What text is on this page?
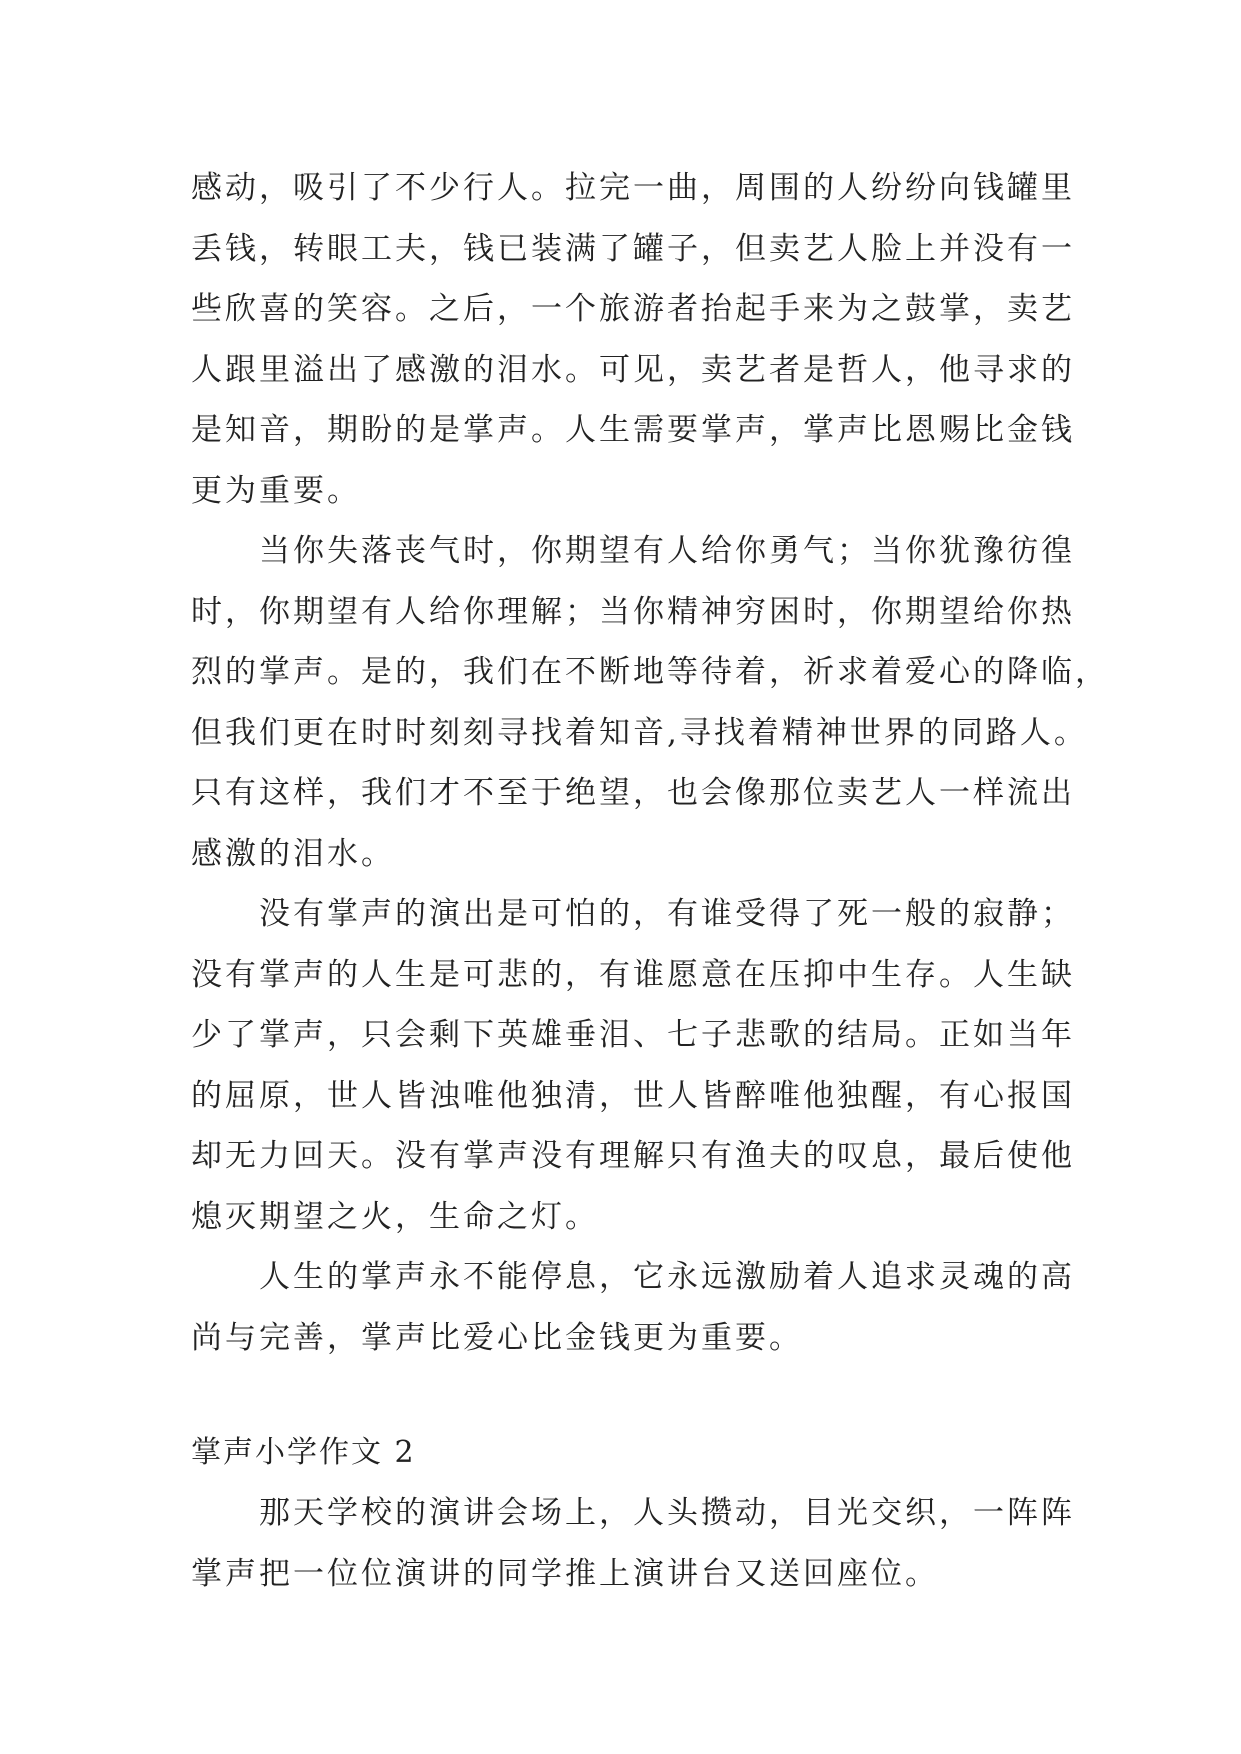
感动，吸引了不少行人。拉完一曲，周围的人纷纷向钱罐里
丢钱，转眼工夫，钱已装满了罐子，但卖艺人脸上并没有一
些欣喜的笑容。之后，一个旅游者抬起手来为之鼓掌，卖艺
人跟里溢出了感激的泪水。可见，卖艺者是哲人，他寻求的
是知音，期盼的是掌声。人生需要掌声，掌声比恩赐比金钱
更为重要。
当你失落丧气时，你期望有人给你勇气；当你犹豫彷徨
时，你期望有人给你理解；当你精神穷困时，你期望给你热
烈的掌声。是的，我们在不断地等待着，祈求着爱心的降临，
但我们更在时时刻刻寻找着知音,寻找着精神世界的同路人。
只有这样，我们才不至于绝望，也会像那位卖艺人一样流出
感激的泪水。
没有掌声的演出是可怕的，有谁受得了死一般的寂静；
没有掌声的人生是可悲的，有谁愿意在压抑中生存。人生缺
少了掌声，只会剩下英雄垂泪、七子悲歌的结局。正如当年
的屈原，世人皆浊唯他独清，世人皆醉唯他独醒，有心报国
却无力回天。没有掌声没有理解只有渔夫的叹息，最后使他
熄灭期望之火，生命之灯。
人生的掌声永不能停息，它永远激励着人追求灵魂的高
尚与完善，掌声比爱心比金钱更为重要。
掌声小学作文 2
那天学校的演讲会场上，人头攒动，目光交织，一阵阵
掌声把一位位演讲的同学推上演讲台又送回座位。
